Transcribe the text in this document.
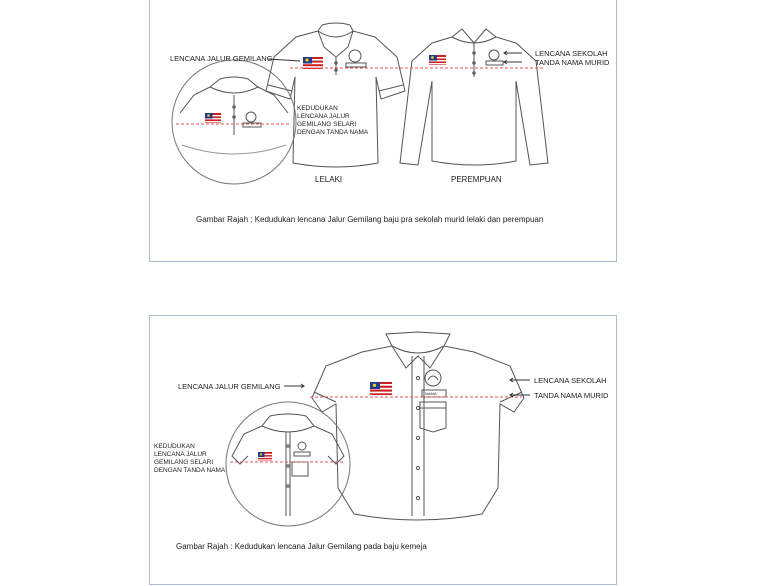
LENCANA JALUR GEMILANG
LENCANA SEKOLAH
TANDA NAMA MURID
KEDUDUKAN LENCANA JALUR GEMILANG SELARI DENGAN TANDA NAMA
LELAKI	PEREMPUAN
Gambar Rajah : Kedudukan lencana Jalur Gemilang baju pra sekolah murid lelaki dan perempuan
LENCANA JALUR GEMILANG
LENCANA SEKOLAH
TANDA NAMA MURID
NAMA
KEDUDUKAN LENCANA JALUR GEMILANG SELARI DENGAN TANDA NAMA
Gambar Rajah : Kedudukan lencana Jalur Gemilang pada baju kemeja
